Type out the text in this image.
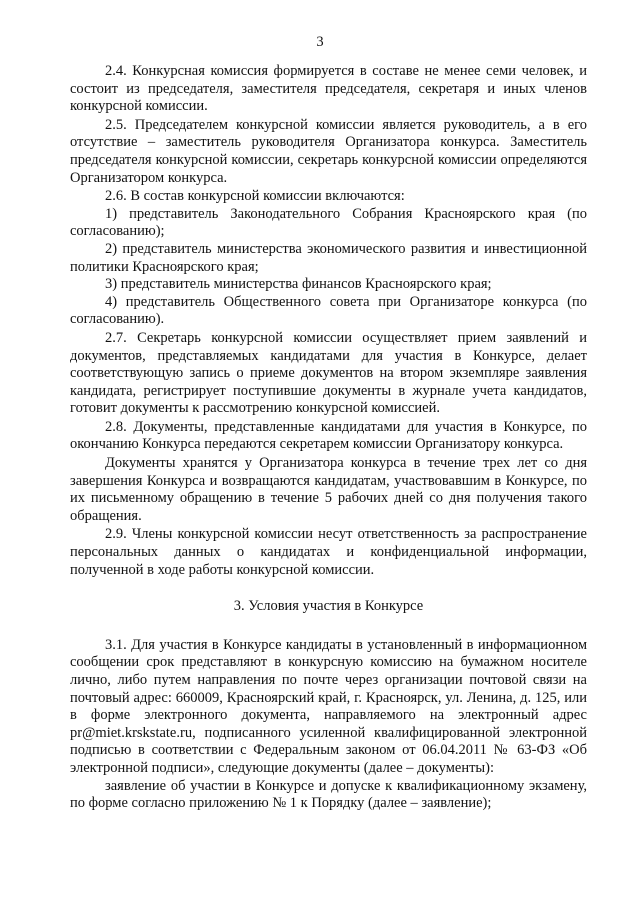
3

2.4. Конкурсная комиссия формируется в составе не менее семи человек, и состоит из председателя, заместителя председателя, секретаря и иных членов конкурсной комиссии.

2.5. Председателем конкурсной комиссии является руководитель, а в его отсутствие – заместитель руководителя Организатора конкурса. Заместитель председателя конкурсной комиссии, секретарь конкурсной комиссии определяются Организатором конкурса.

2.6. В состав конкурсной комиссии включаются:

1) представитель Законодательного Собрания Красноярского края (по согласованию);

2) представитель министерства экономического развития и инвестиционной политики Красноярского края;

3) представитель министерства финансов Красноярского края;

4) представитель Общественного совета при Организаторе конкурса (по согласованию).

2.7. Секретарь конкурсной комиссии осуществляет прием заявлений и документов, представляемых кандидатами для участия в Конкурсе, делает соответствующую запись о приеме документов на втором экземпляре заявления кандидата, регистрирует поступившие документы в журнале учета кандидатов, готовит документы к рассмотрению конкурсной комиссией.

2.8. Документы, представленные кандидатами для участия в Конкурсе, по окончанию Конкурса передаются секретарем комиссии Организатору конкурса.

Документы хранятся у Организатора конкурса в течение трех лет со дня завершения Конкурса и возвращаются кандидатам, участвовавшим в Конкурсе, по их письменному обращению в течение 5 рабочих дней со дня получения такого обращения.

2.9. Члены конкурсной комиссии несут ответственность за распространение персональных данных о кандидатах и конфиденциальной информации, полученной в ходе работы конкурсной комиссии.

3. Условия участия в Конкурсе

3.1. Для участия в Конкурсе кандидаты в установленный в информационном сообщении срок представляют в конкурсную комиссию на бумажном носителе лично, либо путем направления по почте через организации почтовой связи на почтовый адрес: 660009, Красноярский край, г. Красноярск, ул. Ленина, д. 125, или в форме электронного документа, направляемого на электронный адрес pr@miet.krskstate.ru, подписанного усиленной квалифицированной электронной подписью в соответствии с Федеральным законом от 06.04.2011 № 63-ФЗ «Об электронной подписи», следующие документы (далее – документы):

заявление об участии в Конкурсе и допуске к квалификационному экзамену, по форме согласно приложению № 1 к Порядку (далее – заявление);
